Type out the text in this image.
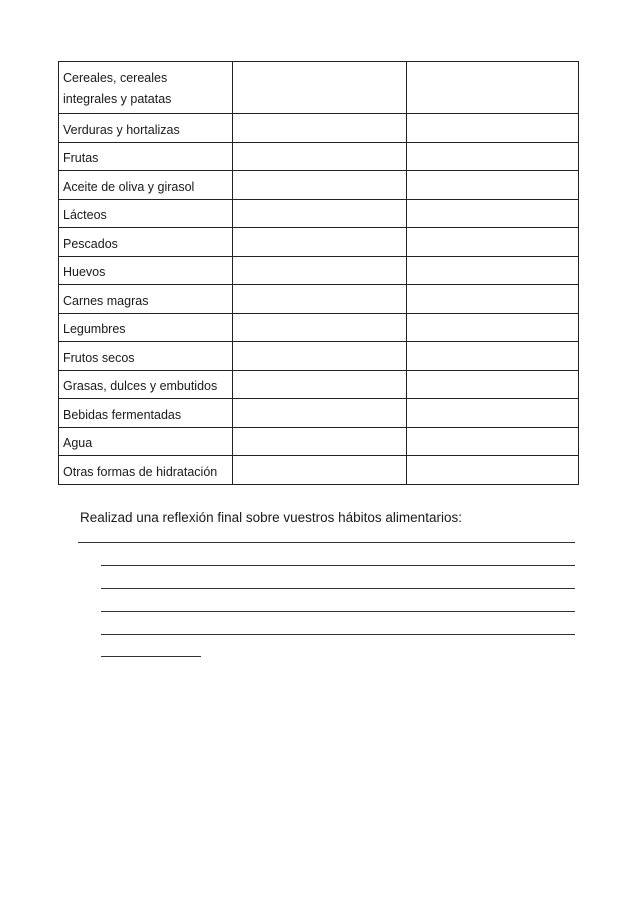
Cereales, cereales
integrales y patatas		
Verduras y hortalizas		
Frutas		
Aceite de oliva y girasol		
Lácteos		
Pescados		
Huevos		
Carnes magras		
Legumbres		
Frutos secos		
Grasas, dulces y embutidos		
Bebidas fermentadas		
Agua		
Otras formas de hidratación		
Realizad una reflexión final sobre vuestros hábitos alimentarios:
